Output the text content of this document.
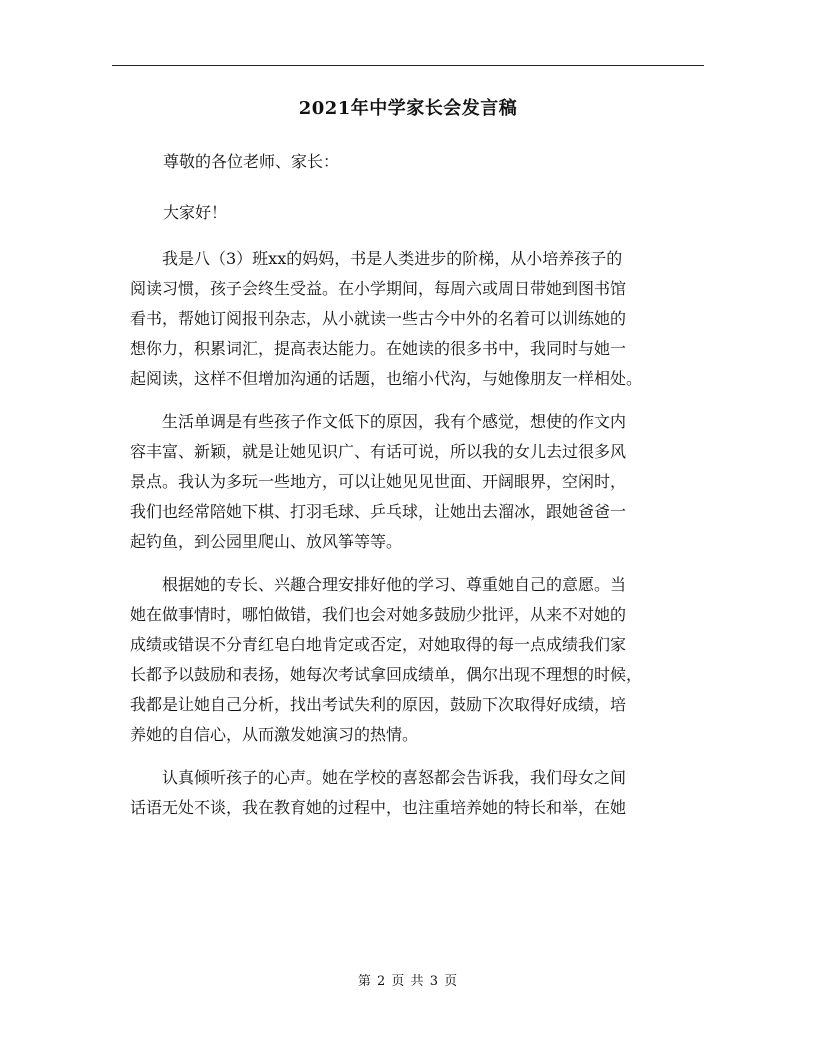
2021年中学家长会发言稿
尊敬的各位老师、家长：
大家好！

　　我是八（3）班xx的妈妈，书是人类进步的阶梯，从小培养孩子的
阅读习惯，孩子会终生受益。在小学期间，每周六或周日带她到图书馆
看书，帮她订阅报刊杂志，从小就读一些古今中外的名着可以训练她的
想你力，积累词汇，提高表达能力。在她读的很多书中，我同时与她一
起阅读，这样不但增加沟通的话题，也缩小代沟，与她像朋友一样相处。

　　生活单调是有些孩子作文低下的原因，我有个感觉，想使的作文内
容丰富、新颖，就是让她见识广、有话可说，所以我的女儿去过很多风
景点。我认为多玩一些地方，可以让她见见世面、开阔眼界，空闲时，
我们也经常陪她下棋、打羽毛球、乒乓球，让她出去溜冰，跟她爸爸一
起钓鱼，到公园里爬山、放风筝等等。

　　根据她的专长、兴趣合理安排好他的学习、尊重她自己的意愿。当
她在做事情时，哪怕做错，我们也会对她多鼓励少批评，从来不对她的
成绩或错误不分青红皂白地肯定或否定，对她取得的每一点成绩我们家
长都予以鼓励和表扬，她每次考试拿回成绩单，偶尔出现不理想的时候，
我都是让她自己分析，找出考试失利的原因，鼓励下次取得好成绩，培
养她的自信心，从而激发她演习的热情。

　　认真倾听孩子的心声。她在学校的喜怒都会告诉我，我们母女之间
话语无处不谈，我在教育她的过程中，也注重培养她的特长和举，在她

第 2 页 共 3 页
